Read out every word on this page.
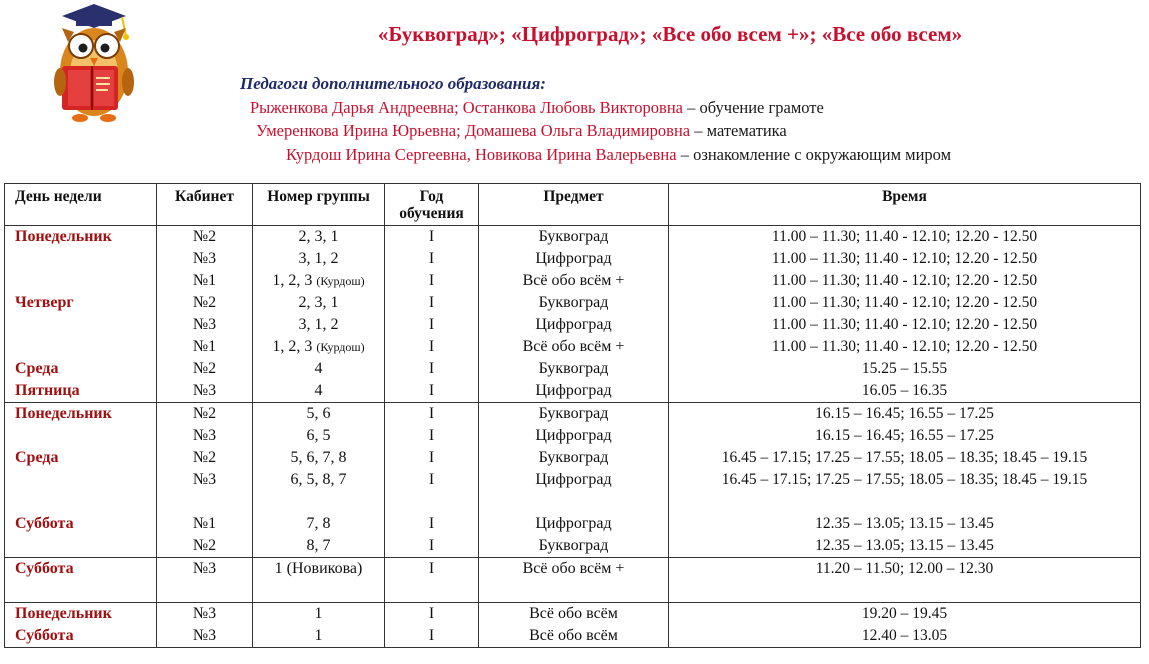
«Буквоград»; «Цифроград»; «Все обо всем +»; «Все обо всем»
Педагоги дополнительного образования:
Рыженкова Дарья Андреевна; Останкова Любовь Викторовна – обучение грамоте
Умеренкова Ирина Юрьевна; Домашева Ольга Владимировна – математика
Курдош Ирина Сергеевна, Новикова Ирина Валерьевна – ознакомление с окружающим миром
День недели	Кабинет	Номер группы	Год обучения	Предмет	Время
Понедельник	№2	2, 3, 1	I	Буквоград	11.00 – 11.30; 11.40 - 12.10; 12.20 - 12.50
	№3	3, 1, 2	I	Цифроград	11.00 – 11.30; 11.40 - 12.10; 12.20 - 12.50
	№1	1, 2, 3 (Курдош)	I	Всё обо всём +	11.00 – 11.30; 11.40 - 12.10; 12.20 - 12.50
Четверг	№2	2, 3, 1	I	Буквоград	11.00 – 11.30; 11.40 - 12.10; 12.20 - 12.50
	№3	3, 1, 2	I	Цифроград	11.00 – 11.30; 11.40 - 12.10; 12.20 - 12.50
	№1	1, 2, 3 (Курдош)	I	Всё обо всём +	11.00 – 11.30; 11.40 - 12.10; 12.20 - 12.50
Среда	№2	4	I	Буквоград	15.25 – 15.55
Пятница	№3	4	I	Цифроград	16.05 – 16.35
Понедельник	№2	5, 6	I	Буквоград	16.15 – 16.45; 16.55 – 17.25
	№3	6, 5	I	Цифроград	16.15 – 16.45; 16.55 – 17.25
Среда	№2	5, 6, 7, 8	I	Буквоград	16.45 – 17.15; 17.25 – 17.55; 18.05 – 18.35; 18.45 – 19.15
	№3	6, 5, 8, 7	I	Цифроград	16.45 – 17.15; 17.25 – 17.55; 18.05 – 18.35; 18.45 – 19.15

Суббота	№1	7, 8	I	Цифроград	12.35 – 13.05; 13.15 – 13.45
	№2	8, 7	I	Буквоград	12.35 – 13.05; 13.15 – 13.45
Суббота	№3	1 (Новикова)	I	Всё обо всём +	11.20 – 11.50; 12.00 – 12.30

Понедельник	№3	1	I	Всё обо всём	19.20 – 19.45
Суббота	№3	1	I	Всё обо всём	12.40 – 13.05
